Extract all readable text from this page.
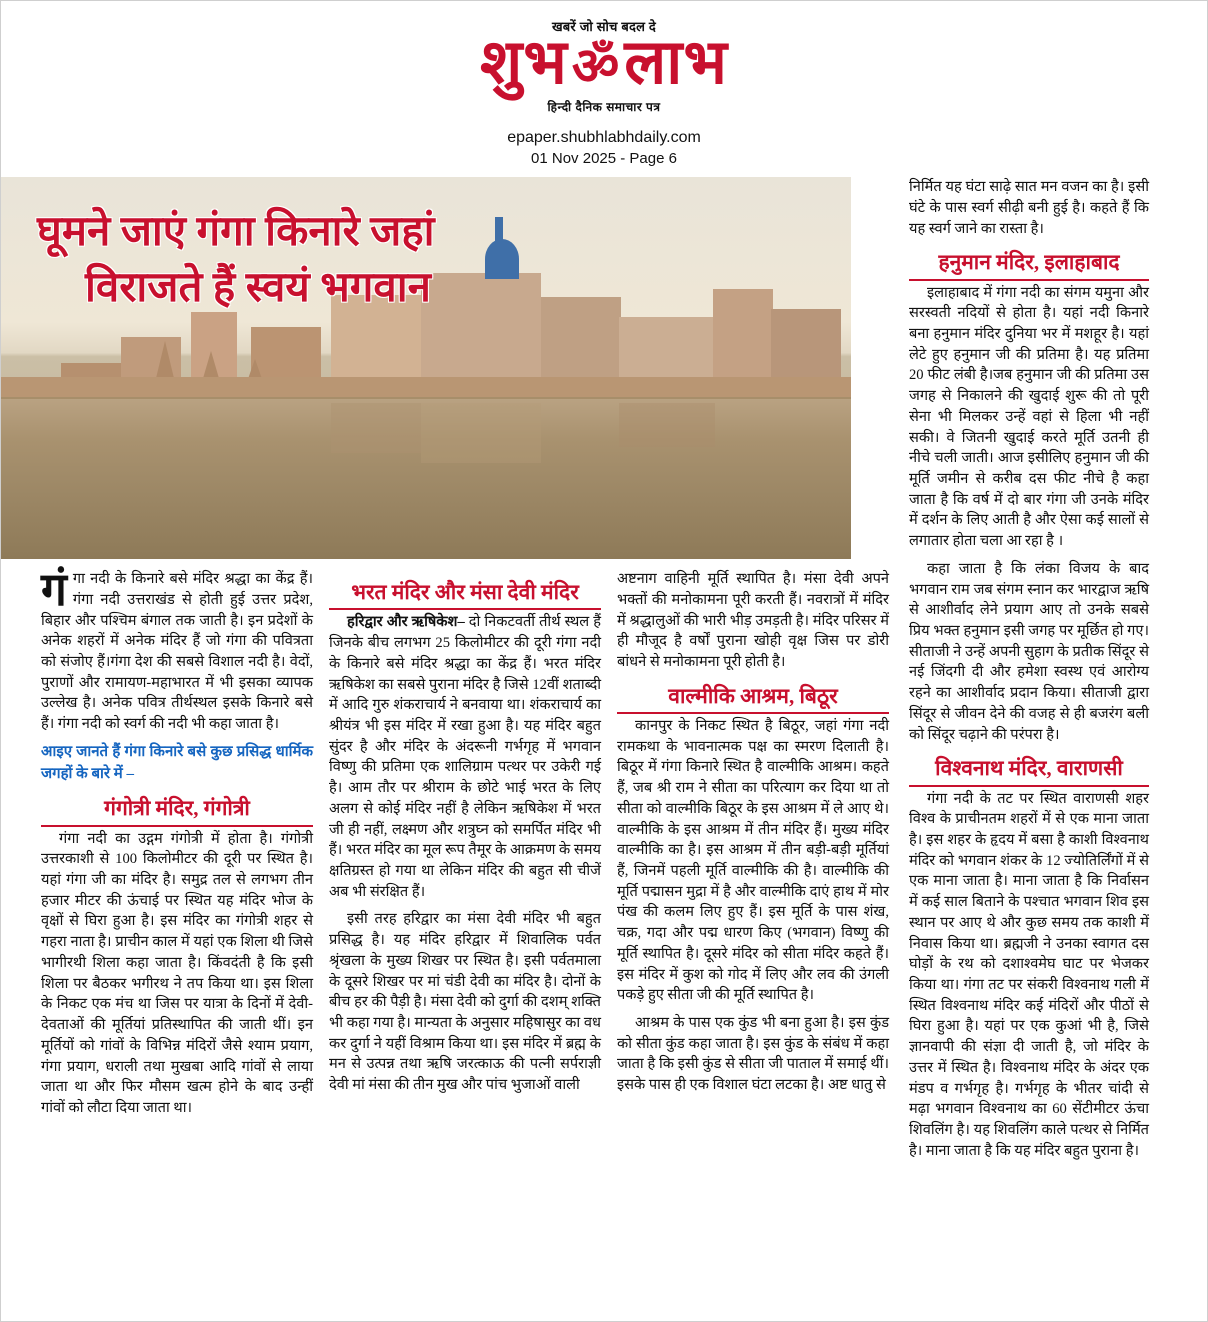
खबरें जो सोच बदल दे
शुभॐलाभ
हिन्दी दैनिक समाचार पत्र
epaper.shubhlabhdaily.com
01 Nov 2025 - Page 6
घूमने जाएं गंगा किनारे जहां
विराजते हैं स्वयं भगवान

गंगा नदी के किनारे बसे मंदिर श्रद्धा का केंद्र हैं। गंगा नदी उत्तराखंड से होती हुई उत्तर प्रदेश, बिहार और पश्चिम बंगाल तक जाती है। इन प्रदेशों के अनेक शहरों में अनेक मंदिर हैं जो गंगा की पवित्रता को संजोए हैं।गंगा देश की सबसे विशाल नदी है। वेदों, पुराणों और रामायण-महाभारत में भी इसका व्यापक उल्लेख है। अनेक पवित्र तीर्थस्थल इसके किनारे बसे हैं। गंगा नदी को स्वर्ग की नदी भी कहा जाता है।

आइए जानते हैं गंगा किनारे बसे कुछ प्रसिद्ध धार्मिक जगहों के बारे में –

गंगोत्री मंदिर, गंगोत्री

गंगा नदी का उद्गम गंगोत्री में होता है। गंगोत्री उत्तरकाशी से 100 किलोमीटर की दूरी पर स्थित है। यहां गंगा जी का मंदिर है। समुद्र तल से लगभग तीन हजार मीटर की ऊंचाई पर स्थित यह मंदिर भोज के वृक्षों से घिरा हुआ है। इस मंदिर का गंगोत्री शहर से गहरा नाता है। प्राचीन काल में यहां एक शिला थी जिसे भागीरथी शिला कहा जाता है। किंवदंती है कि इसी शिला पर बैठकर भगीरथ ने तप किया था। इस शिला के निकट एक मंच था जिस पर यात्रा के दिनों में देवी-देवताओं की मूर्तियां प्रतिस्थापित की जाती थीं। इन मूर्तियों को गांवों के विभिन्न मंदिरों जैसे श्याम प्रयाग, गंगा प्रयाग, धराली तथा मुखबा आदि गांवों से लाया जाता था और फिर मौसम खत्म होने के बाद उन्हीं गांवों को लौटा दिया जाता था।

भरत मंदिर और मंसा देवी मंदिर

हरिद्वार और ऋषिकेश– दो निकटवर्ती तीर्थ स्थल हैं जिनके बीच लगभग 25 किलोमीटर की दूरी गंगा नदी के किनारे बसे मंदिर श्रद्धा का केंद्र हैं। भरत मंदिर ऋषिकेश का सबसे पुराना मंदिर है जिसे 12वीं शताब्दी में आदि गुरु शंकराचार्य ने बनवाया था। शंकराचार्य का श्रीयंत्र भी इस मंदिर में रखा हुआ है। यह मंदिर बहुत सुंदर है और मंदिर के अंदरूनी गर्भगृह में भगवान विष्णु की प्रतिमा एक शालिग्राम पत्थर पर उकेरी गई है। आम तौर पर श्रीराम के छोटे भाई भरत के लिए अलग से कोई मंदिर नहीं है लेकिन ऋषिकेश में भरत जी ही नहीं, लक्ष्मण और शत्रुघ्न को समर्पित मंदिर भी हैं। भरत मंदिर का मूल रूप तैमूर के आक्रमण के समय क्षतिग्रस्त हो गया था लेकिन मंदिर की बहुत सी चीजें अब भी संरक्षित हैं।

इसी तरह हरिद्वार का मंसा देवी मंदिर भी बहुत प्रसिद्ध है। यह मंदिर हरिद्वार में शिवालिक पर्वत श्रृंखला के मुख्य शिखर पर स्थित है। इसी पर्वतमाला के दूसरे शिखर पर मां चंडी देवी का मंदिर है। दोनों के बीच हर की पैड़ी है। मंसा देवी को दुर्गा की दशम् शक्ति भी कहा गया है। मान्यता के अनुसार महिषासुर का वध कर दुर्गा ने यहीं विश्राम किया था। इस मंदिर में ब्रह्म के मन से उत्पन्न तथा ऋषि जरत्काऊ की पत्नी सर्पराज्ञी देवी मां मंसा की तीन मुख और पांच भुजाओं वाली

अष्टनाग वाहिनी मूर्ति स्थापित है। मंसा देवी अपने भक्तों की मनोकामना पूरी करती हैं। नवरात्रों में मंदिर में श्रद्धालुओं की भारी भीड़ उमड़ती है। मंदिर परिसर में ही मौजूद है वर्षों पुराना खोही वृक्ष जिस पर डोरी बांधने से मनोकामना पूरी होती है।

वाल्मीकि आश्रम, बिठूर

कानपुर के निकट स्थित है बिठूर, जहां गंगा नदी रामकथा के भावनात्मक पक्ष का स्मरण दिलाती है। बिठूर में गंगा किनारे स्थित है वाल्मीकि आश्रम। कहते हैं, जब श्री राम ने सीता का परित्याग कर दिया था तो सीता को वाल्मीकि बिठूर के इस आश्रम में ले आए थे। वाल्मीकि के इस आश्रम में तीन मंदिर हैं। मुख्य मंदिर वाल्मीकि का है। इस आश्रम में तीन बड़ी-बड़ी मूर्तियां हैं, जिनमें पहली मूर्ति वाल्मीकि की है। वाल्मीकि की मूर्ति पद्मासन मुद्रा में है और वाल्मीकि दाएं हाथ में मोर पंख की कलम लिए हुए हैं। इस मूर्ति के पास शंख, चक्र, गदा और पद्म धारण किए (भगवान) विष्णु की मूर्ति स्थापित है। दूसरे मंदिर को सीता मंदिर कहते हैं। इस मंदिर में कुश को गोद में लिए और लव की उंगली पकड़े हुए सीता जी की मूर्ति स्थापित है।

आश्रम के पास एक कुंड भी बना हुआ है। इस कुंड को सीता कुंड कहा जाता है। इस कुंड के संबंध में कहा जाता है कि इसी कुंड से सीता जी पाताल में समाई थीं। इसके पास ही एक विशाल घंटा लटका है। अष्ट धातु से

निर्मित यह घंटा साढ़े सात मन वजन का है। इसी घंटे के पास स्वर्ग सीढ़ी बनी हुई है। कहते हैं कि यह स्वर्ग जाने का रास्ता है।

हनुमान मंदिर, इलाहाबाद

इलाहाबाद में गंगा नदी का संगम यमुना और सरस्वती नदियों से होता है। यहां नदी किनारे बना हनुमान मंदिर दुनिया भर में मशहूर है। यहां लेटे हुए हनुमान जी की प्रतिमा है। यह प्रतिमा 20 फीट लंबी है।जब हनुमान जी की प्रतिमा उस जगह से निकालने की खुदाई शुरू की तो पूरी सेना भी मिलकर उन्हें वहां से हिला भी नहीं सकी। वे जितनी खुदाई करते मूर्ति उतनी ही नीचे चली जाती। आज इसीलिए हनुमान जी की मूर्ति जमीन से करीब दस फीट नीचे है कहा जाता है कि वर्ष में दो बार गंगा जी उनके मंदिर में दर्शन के लिए आती है और ऐसा कई सालों से लगातार होता चला आ रहा है ।

कहा जाता है कि लंका विजय के बाद भगवान राम जब संगम स्नान कर भारद्वाज ऋषि से आशीर्वाद लेने प्रयाग आए तो उनके सबसे प्रिय भक्त हनुमान इसी जगह पर मूर्छित हो गए। सीताजी ने उन्हें अपनी सुहाग के प्रतीक सिंदूर से नई जिंदगी दी और हमेशा स्वस्थ एवं आरोग्य रहने का आशीर्वाद प्रदान किया। सीताजी द्वारा सिंदूर से जीवन देने की वजह से ही बजरंग बली को सिंदूर चढ़ाने की परंपरा है।

विश्वनाथ मंदिर, वाराणसी

गंगा नदी के तट पर स्थित वाराणसी शहर विश्व के प्राचीनतम शहरों में से एक माना जाता है। इस शहर के हृदय में बसा है काशी विश्वनाथ मंदिर को भगवान शंकर के 12 ज्योतिर्लिंगों में से एक माना जाता है। माना जाता है कि निर्वासन में कई साल बिताने के पश्चात भगवान शिव इस स्थान पर आए थे और कुछ समय तक काशी में निवास किया था। ब्रह्मजी ने उनका स्वागत दस घोड़ों के रथ को दशाश्वमेघ घाट पर भेजकर किया था। गंगा तट पर संकरी विश्वनाथ गली में स्थित विश्वनाथ मंदिर कई मंदिरों और पीठों से घिरा हुआ है। यहां पर एक कुआं भी है, जिसे ज्ञानवापी की संज्ञा दी जाती है, जो मंदिर के उत्तर में स्थित है। विश्वनाथ मंदिर के अंदर एक मंडप व गर्भगृह है। गर्भगृह के भीतर चांदी से मढ़ा भगवान विश्वनाथ का 60 सेंटीमीटर ऊंचा शिवलिंग है। यह शिवलिंग काले पत्थर से निर्मित है। माना जाता है कि यह मंदिर बहुत पुराना है।
